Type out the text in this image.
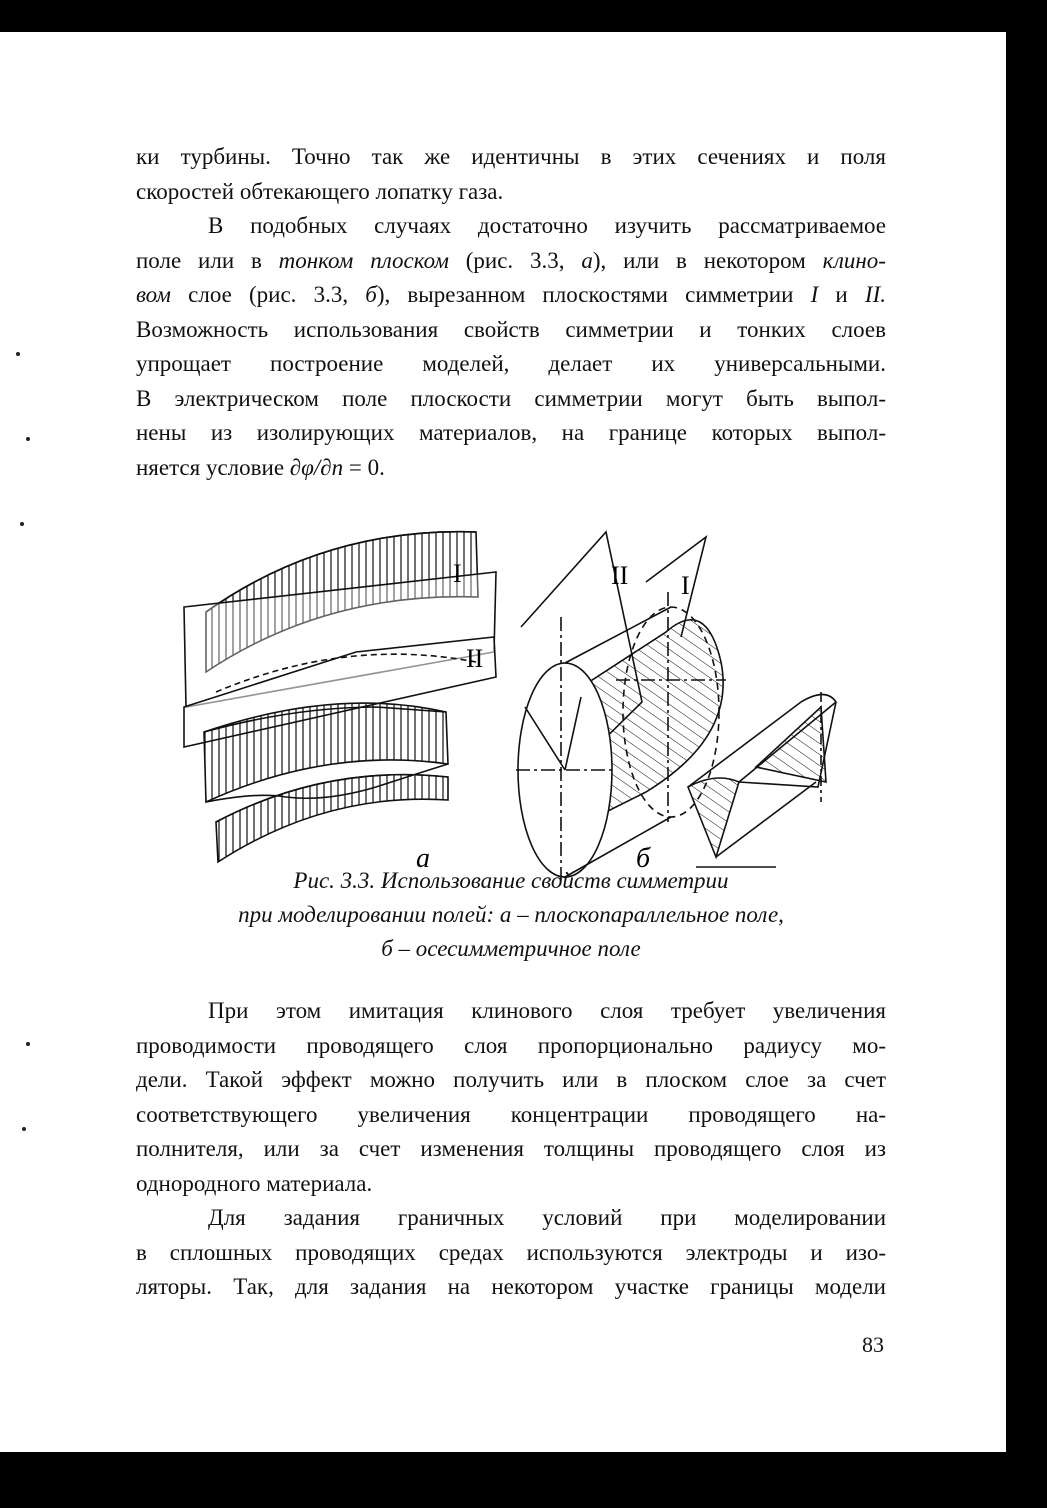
ки турбины. Точно так же идентичны в этих сечениях и поля
скоростей обтекающего лопатку газа.
В подобных случаях достаточно изучить рассматриваемое
поле или в тонком плоском (рис. 3.3, а), или в некотором клино-
вом слое (рис. 3.3, б), вырезанном плоскостями симметрии I и II.
Возможность использования свойств симметрии и тонких слоев
упрощает построение моделей, делает их универсальными.
В электрическом поле плоскости симметрии могут быть выпол-
нены из изолирующих материалов, на границе которых выпол-
няется условие ∂φ/∂n = 0.
I
II
II I
а	б
Рис. 3.3. Использование свойств симметрии
при моделировании полей: а – плоскопараллельное поле,
б – осесимметричное поле
При этом имитация клинового слоя требует увеличения
проводимости проводящего слоя пропорционально радиусу мо-
дели. Такой эффект можно получить или в плоском слое за счет
соответствующего увеличения концентрации проводящего на-
полнителя, или за счет изменения толщины проводящего слоя из
однородного материала.
Для задания граничных условий при моделировании
в сплошных проводящих средах используются электроды и изо-
ляторы. Так, для задания на некотором участке границы модели
83
